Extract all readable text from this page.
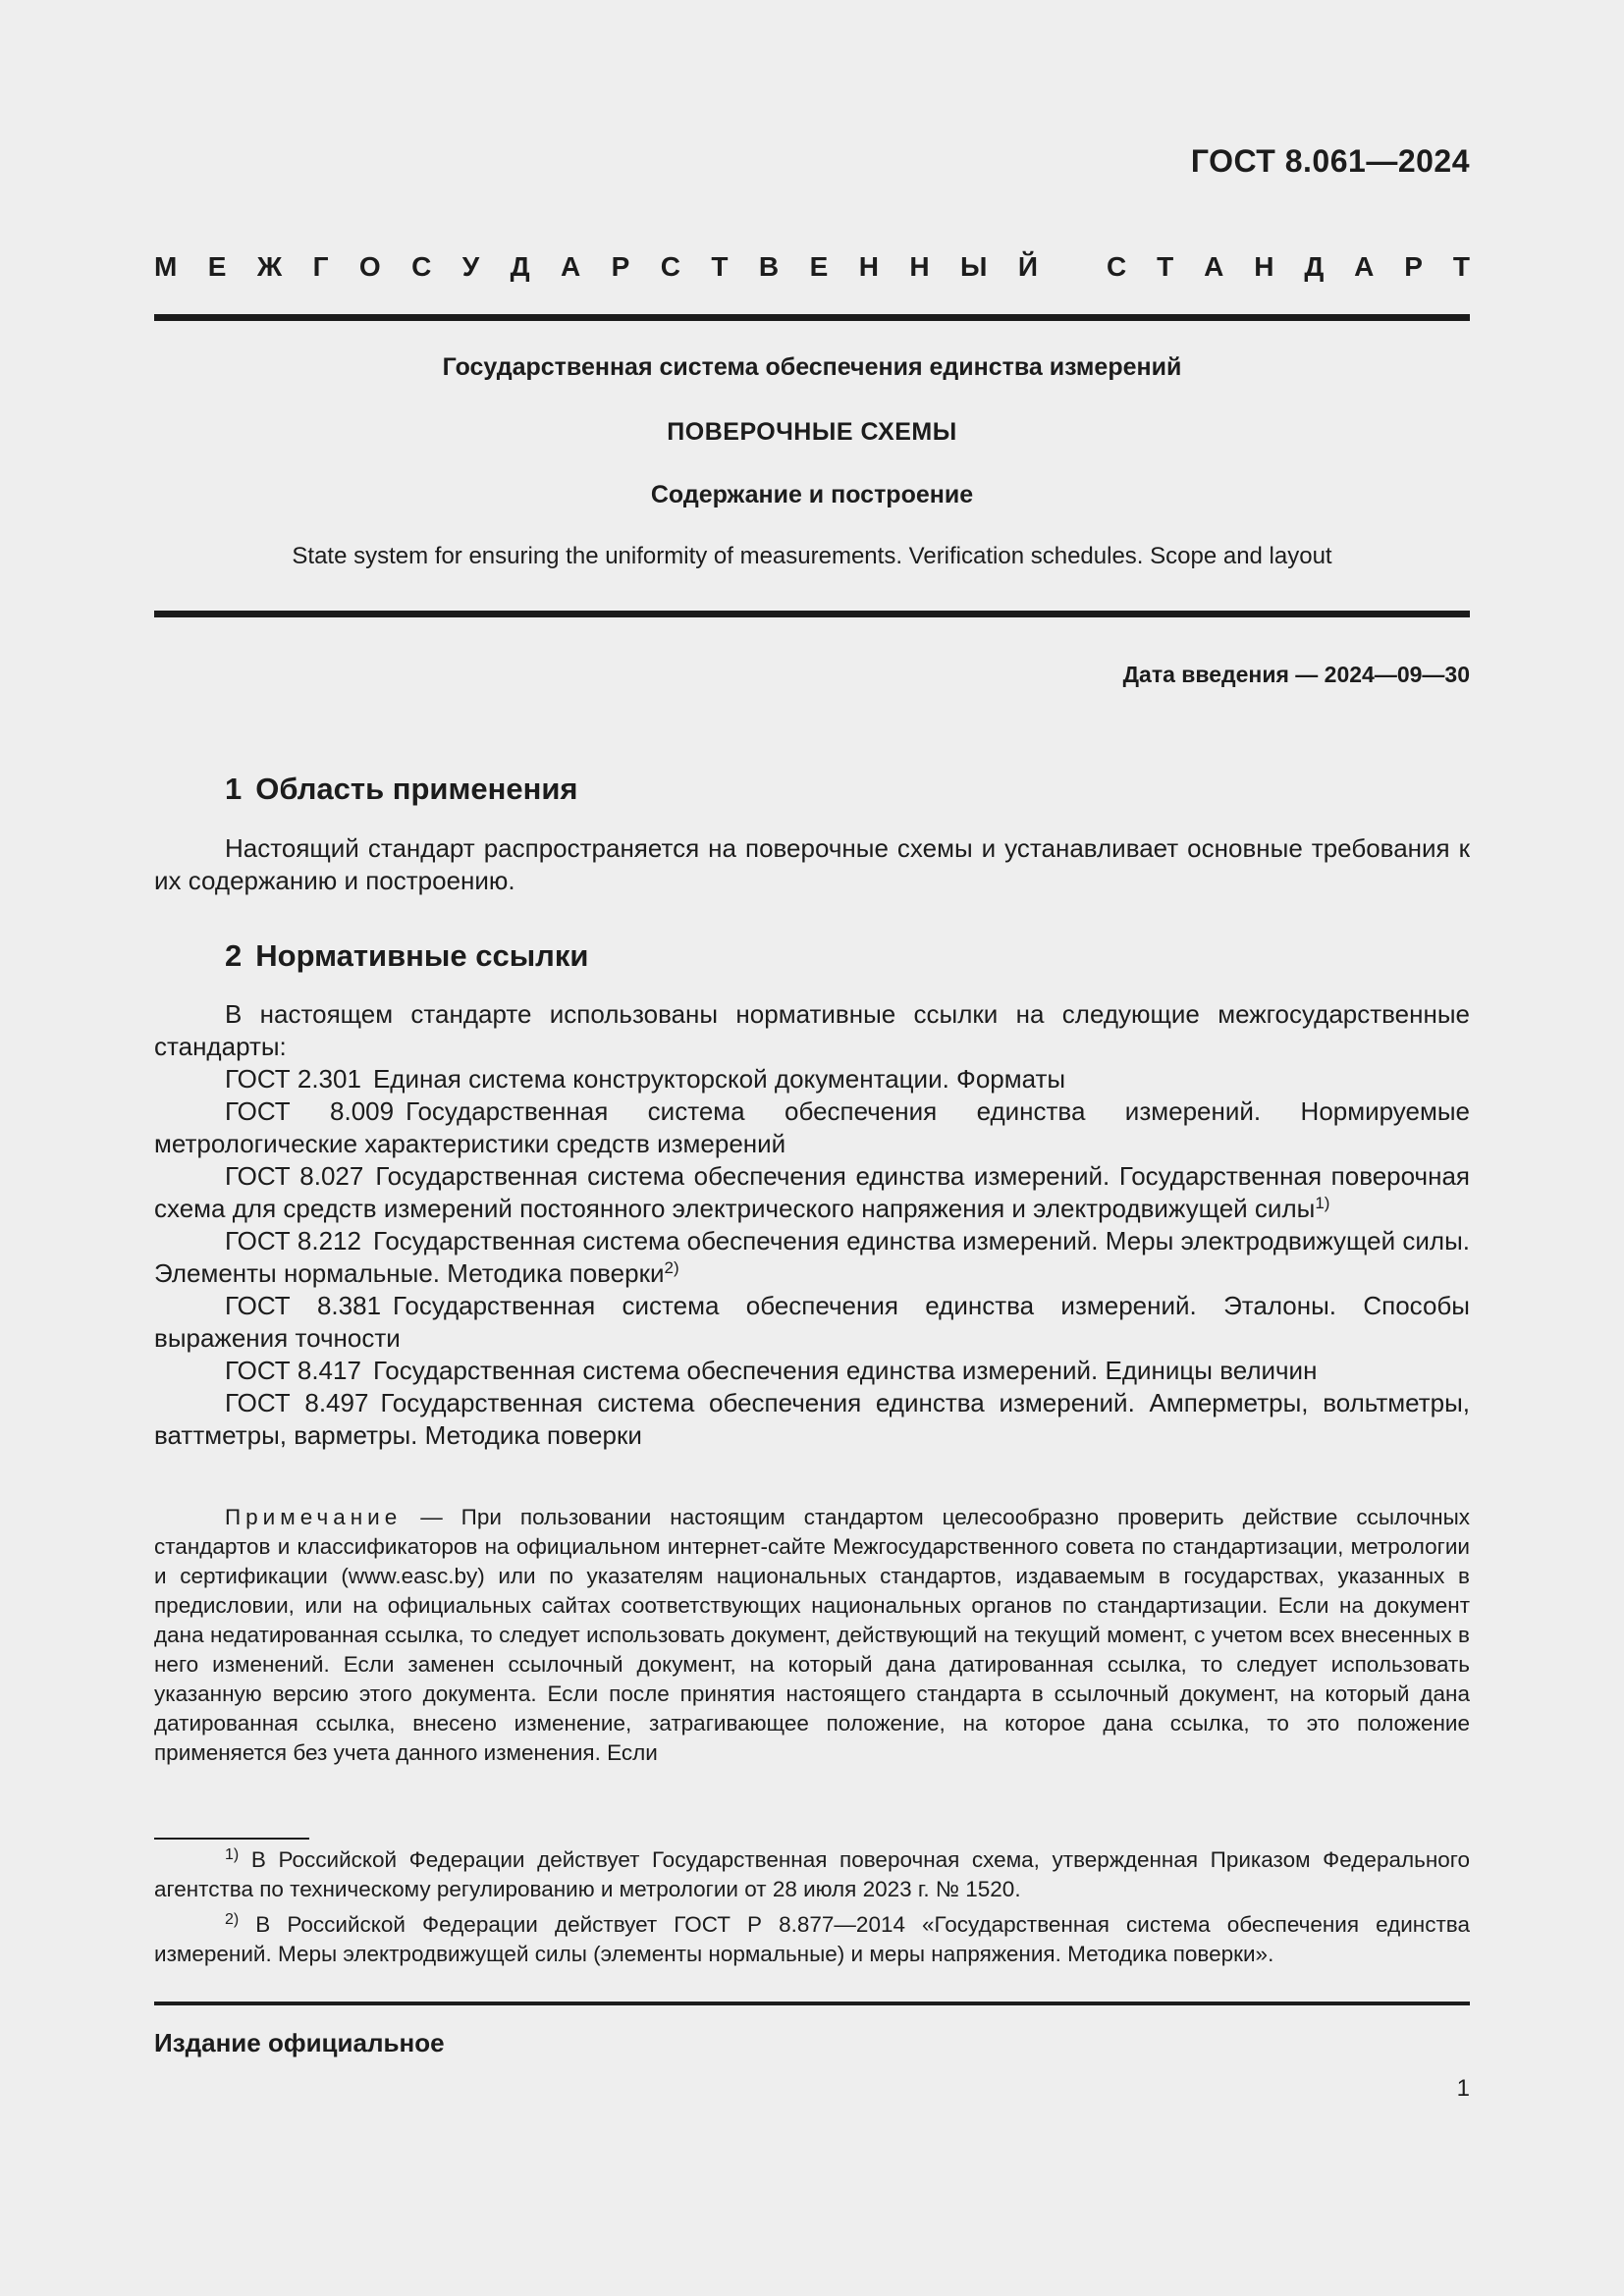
ГОСТ 8.061—2024
М Е Ж Г О С У Д А Р С Т В Е Н Н Ы Й	С Т А Н Д А Р Т
Государственная система обеспечения единства измерений
ПОВЕРОЧНЫЕ СХЕМЫ
Содержание и построение
State system for ensuring the uniformity of measurements. Verification schedules. Scope and layout
Дата введения — 2024—09—30
1 Область применения
Настоящий стандарт распространяется на поверочные схемы и устанавливает основные требования к их содержанию и построению.
2 Нормативные ссылки
В настоящем стандарте использованы нормативные ссылки на следующие межгосударственные стандарты:
ГОСТ 2.301 Единая система конструкторской документации. Форматы
ГОСТ 8.009 Государственная система обеспечения единства измерений. Нормируемые метрологические характеристики средств измерений
ГОСТ 8.027 Государственная система обеспечения единства измерений. Государственная поверочная схема для средств измерений постоянного электрического напряжения и электродвижущей силы$^{1)}$
ГОСТ 8.212 Государственная система обеспечения единства измерений. Меры электродвижущей силы. Элементы нормальные. Методика поверки$^{2)}$
ГОСТ 8.381 Государственная система обеспечения единства измерений. Эталоны. Способы выражения точности
ГОСТ 8.417 Государственная система обеспечения единства измерений. Единицы величин
ГОСТ 8.497 Государственная система обеспечения единства измерений. Амперметры, вольтметры, ваттметры, варметры. Методика поверки
Примечание — При пользовании настоящим стандартом целесообразно проверить действие ссылочных стандартов и классификаторов на официальном интернет-сайте Межгосударственного совета по стандартизации, метрологии и сертификации (www.easc.by) или по указателям национальных стандартов, издаваемым в государствах, указанных в предисловии, или на официальных сайтах соответствующих национальных органов по стандартизации. Если на документ дана недатированная ссылка, то следует использовать документ, действующий на текущий момент, с учетом всех внесенных в него изменений. Если заменен ссылочный документ, на который дана датированная ссылка, то следует использовать указанную версию этого документа. Если после принятия настоящего стандарта в ссылочный документ, на который дана датированная ссылка, внесено изменение, затрагивающее положение, на которое дана ссылка, то это положение применяется без учета данного изменения. Если
$^{1)}$ В Российской Федерации действует Государственная поверочная схема, утвержденная Приказом Федерального агентства по техническому регулированию и метрологии от 28 июля 2023 г. № 1520.
$^{2)}$ В Российской Федерации действует ГОСТ Р 8.877—2014 «Государственная система обеспечения единства измерений. Меры электродвижущей силы (элементы нормальные) и меры напряжения. Методика поверки».
Издание официальное
1
